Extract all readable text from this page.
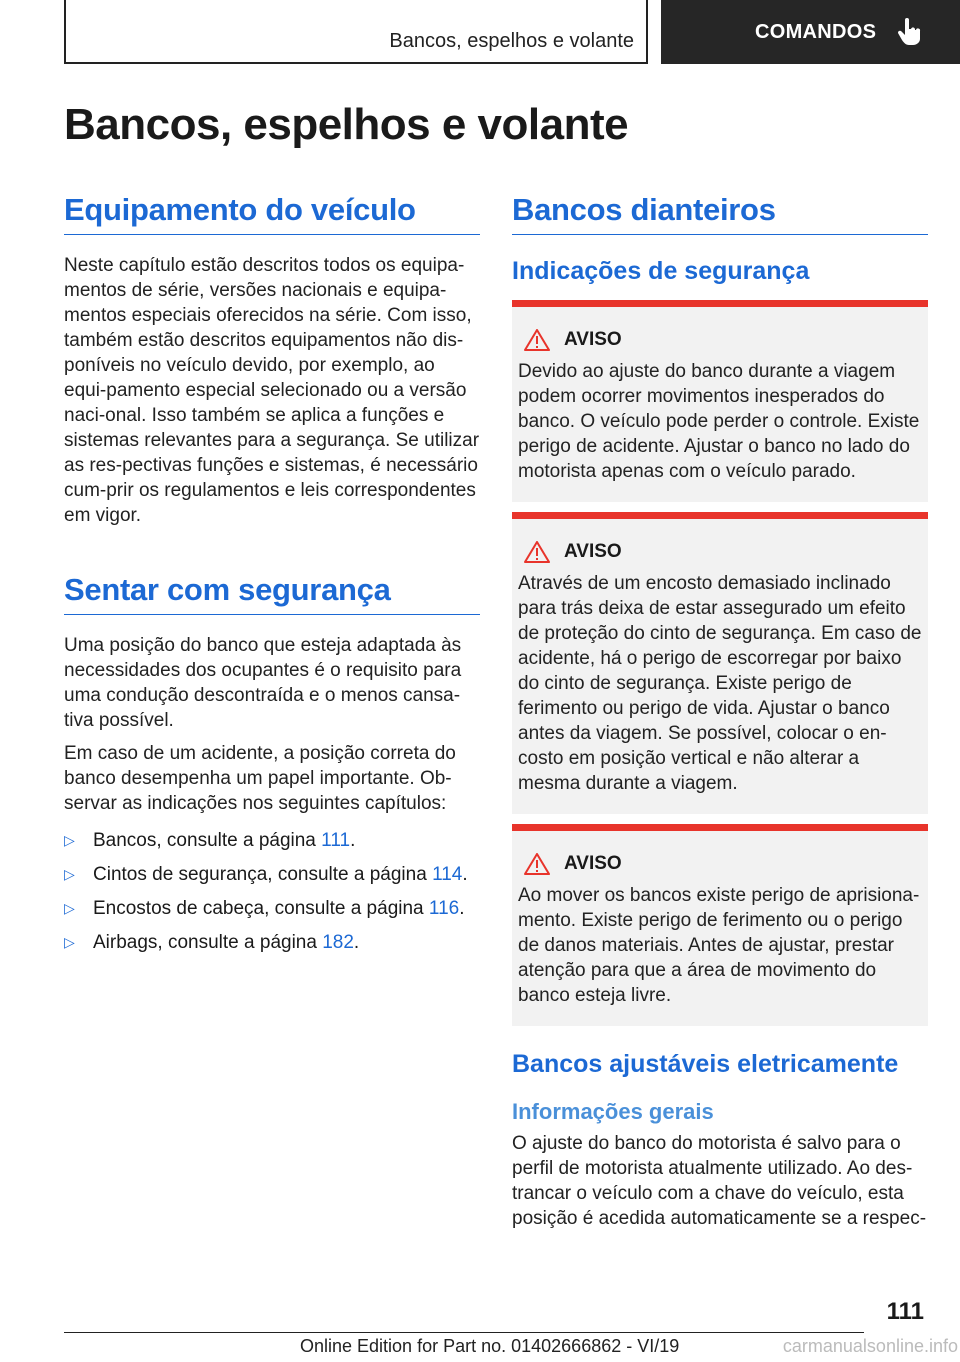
Bancos, espelhos e volante	COMANDOS
Bancos, espelhos e volante
Equipamento do veículo

Neste capítulo estão descritos todos os equipa-mentos de série, versões nacionais e equipa-mentos especiais oferecidos na série. Com isso, também estão descritos equipamentos não dis-poníveis no veículo devido, por exemplo, ao equi-pamento especial selecionado ou a versão naci-onal. Isso também se aplica a funções e sistemas relevantes para a segurança. Se utilizar as res-pectivas funções e sistemas, é necessário cum-prir os regulamentos e leis correspondentes em vigor.

Sentar com segurança

Uma posição do banco que esteja adaptada às necessidades dos ocupantes é o requisito para uma condução descontraída e o menos cansa-tiva possível.

Em caso de um acidente, a posição correta do banco desempenha um papel importante. Ob-servar as indicações nos seguintes capítulos:

▷ Bancos, consulte a página 111.
▷ Cintos de segurança, consulte a página 114.
▷ Encostos de cabeça, consulte a página 116.
▷ Airbags, consulte a página 182.
Bancos dianteiros
Indicações de segurança
AVISO

Devido ao ajuste do banco durante a viagem podem ocorrer movimentos inesperados do banco. O veículo pode perder o controle. Existe perigo de acidente. Ajustar o banco no lado do motorista apenas com o veículo parado.

AVISO

Através de um encosto demasiado inclinado para trás deixa de estar assegurado um efeito de proteção do cinto de segurança. Em caso de acidente, há o perigo de escorregar por baixo do cinto de segurança. Existe perigo de ferimento ou perigo de vida. Ajustar o banco antes da viagem. Se possível, colocar o en-costo em posição vertical e não alterar a mesma durante a viagem.

AVISO

Ao mover os bancos existe perigo de aprisiona-mento. Existe perigo de ferimento ou o perigo de danos materiais. Antes de ajustar, prestar atenção para que a área de movimento do banco esteja livre.

Bancos ajustáveis eletricamente
Informações gerais

O ajuste do banco do motorista é salvo para o perfil de motorista atualmente utilizado. Ao des-trancar o veículo com a chave do veículo, esta posição é acedida automaticamente se a respec-

111
Online Edition for Part no. 01402666862 - VI/19	carmanualsonline.info
